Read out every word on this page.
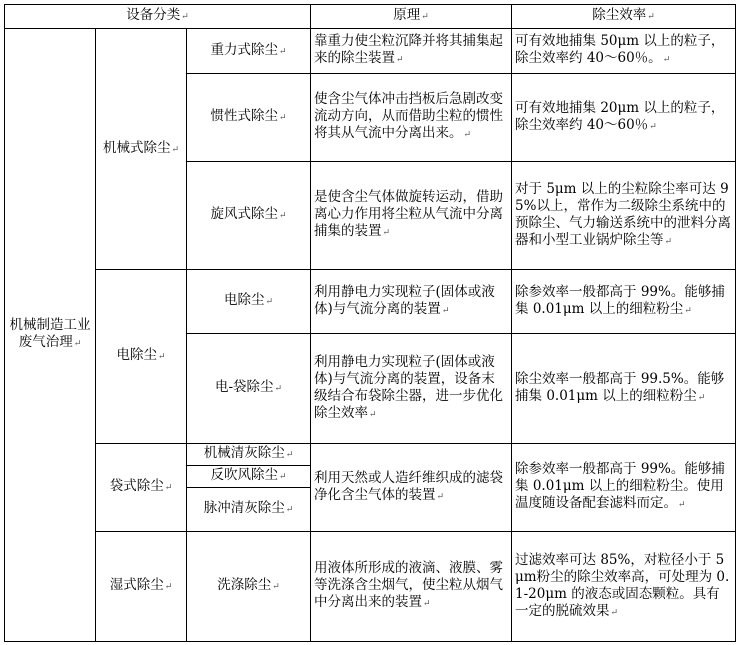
设备分类↵			原理↵	除尘效率↵
机械制造工业废气治理↵	机械式除尘↵	重力式除尘↵	靠重力使尘粒沉降并将其捕集起来的除尘装置↵	可有效地捕集 50μm 以上的粒子，除尘效率约 40～60％。↵
		惯性式除尘↵	使含尘气体冲击挡板后急剧改变流动方向，从而借助尘粒的惯性将其从气流中分离出来。↵	可有效地捕集 20μm 以上的粒子，除尘效率约 40～60％↵
		旋风式除尘↵	是使含尘气体做旋转运动，借助离心力作用将尘粒从气流中分离捕集的装置↵	对于 5μm 以上的尘粒除尘率可达 95%以上，常作为二级除尘系统中的预除尘、气力输送系统中的泄料分离器和小型工业锅炉除尘等↵
	电除尘↵	电除尘↵	利用静电力实现粒子(固体或液体)与气流分离的装置↵	除参效率一般都高于 99%。能够捕集 0.01μm 以上的细粒粉尘↵
		电-袋除尘↵	利用静电力实现粒子(固体或液体)与气流分离的装置，设备末级结合布袋除尘器，进一步优化除尘效率↵	除尘效率一般都高于 99.5%。能够捕集 0.01μm 以上的细粒粉尘↵
	袋式除尘↵	机械清灰除尘↵	利用天然或人造纤维织成的滤袋净化含尘气体的装置↵	除参效率一般都高于 99%。能够捕集 0.01μm 以上的细粒粉尘。使用温度随设备配套滤料而定。↵
		反吹风除尘↵		
		脉冲清灰除尘↵		
	湿式除尘↵	洗涤除尘↵	用液体所形成的液滴、液膜、雾等洗涤含尘烟气，使尘粒从烟气中分离出来的装置↵	过滤效率可达 85%，对粒径小于 5μm粉尘的除尘效率高，可处理为 0.1-20μm 的液态或固态颗粒。具有一定的脱硫效果↵
